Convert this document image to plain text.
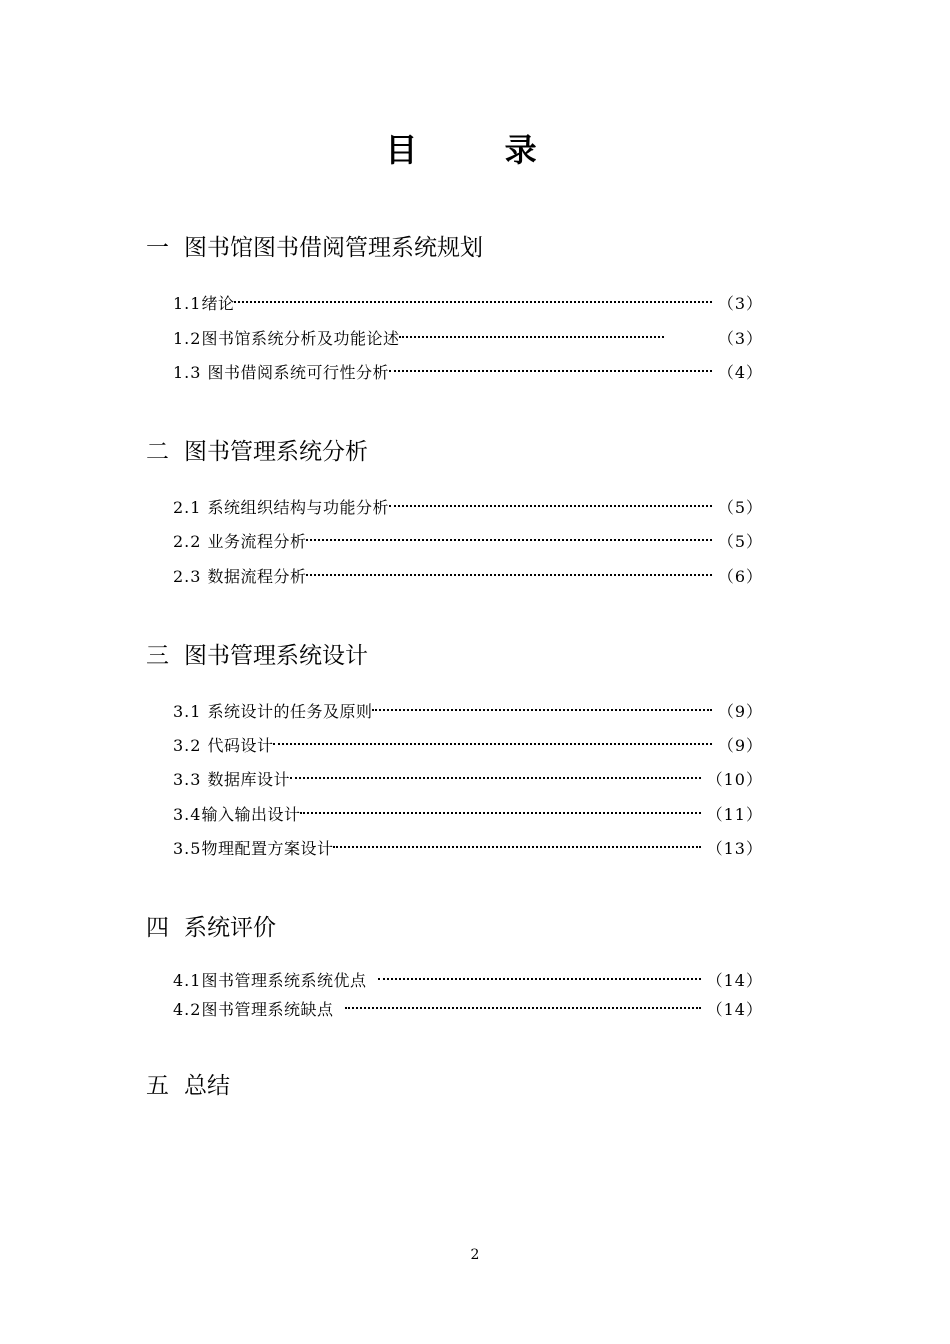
目 录
一 图书馆图书借阅管理系统规划
1.1 绪论	（3）
1.2 图书馆系统分析及功能论述	（3）
1.3 图书借阅系统可行性分析	（4）
二 图书管理系统分析
2.1 系统组织结构与功能分析	（5）
2.2 业务流程分析	（5）
2.3 数据流程分析	（6）
三 图书管理系统设计
3.1 系统设计的任务及原则	（9）
3.2 代码设计	（9）
3.3 数据库设计	（10）
3.4 输入输出设计	（11）
3.5 物理配置方案设计	（13）
四 系统评价
4.1 图书管理系统系统优点	（14）
4.2 图书管理系统缺点	（14）
五 总结
2
